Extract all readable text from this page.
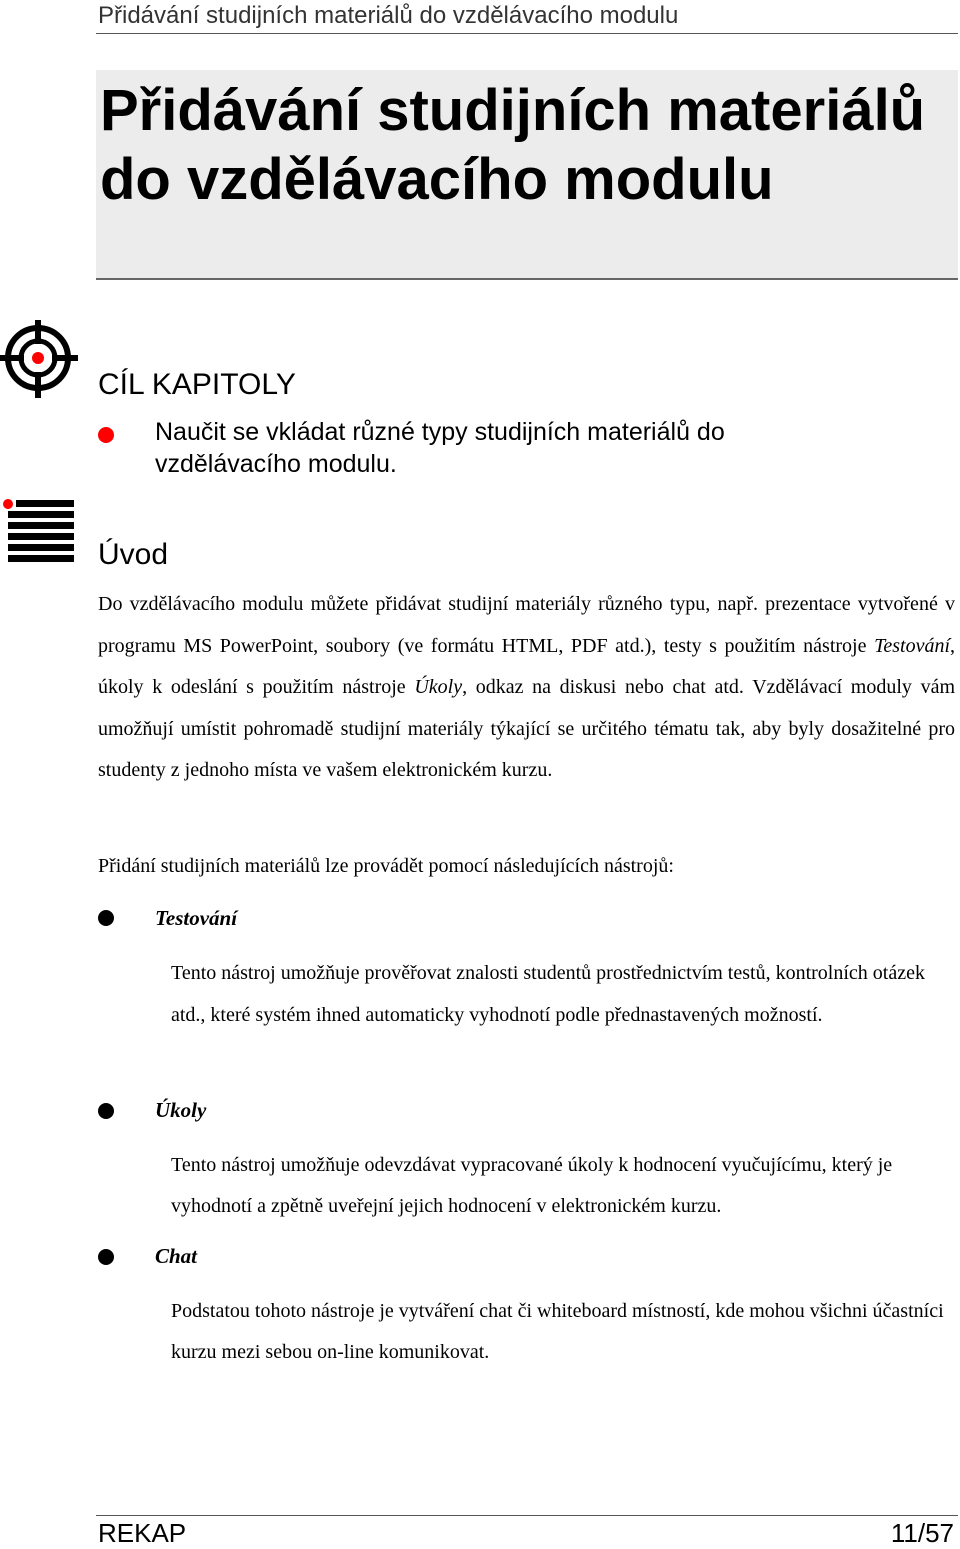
Přidávání studijních materiálů do vzdělávacího modulu
Přidávání studijních materiálů do vzdělávacího modulu
CÍL KAPITOLY
Naučit se vkládat různé typy studijních materiálů do vzdělávacího modulu.
Úvod

Do vzdělávacího modulu můžete přidávat studijní materiály různého typu, např. prezentace vytvořené v programu MS PowerPoint, soubory (ve formátu HTML, PDF atd.), testy s použitím nástroje Testování, úkoly k odeslání s použitím nástroje Úkoly, odkaz na diskusi nebo chat atd. Vzdělávací moduly vám umožňují umístit pohromadě studijní materiály týkající se určitého tématu tak, aby byly dosažitelné pro studenty z jednoho místa ve vašem elektronickém kurzu.

Přidání studijních materiálů lze provádět pomocí následujících nástrojů:

Testování

Tento nástroj umožňuje prověřovat znalosti studentů prostřednictvím testů, kontrolních otázek atd., které systém ihned automaticky vyhodnotí podle přednastavených možností.

Úkoly

Tento nástroj umožňuje odevzdávat vypracované úkoly k hodnocení vyučujícímu, který je vyhodnotí a zpětně uveřejní jejich hodnocení v elektronickém kurzu.

Chat

Podstatou tohoto nástroje je vytváření chat či whiteboard místností, kde mohou všichni účastníci kurzu mezi sebou on-line komunikovat.

REKAP	11/57
